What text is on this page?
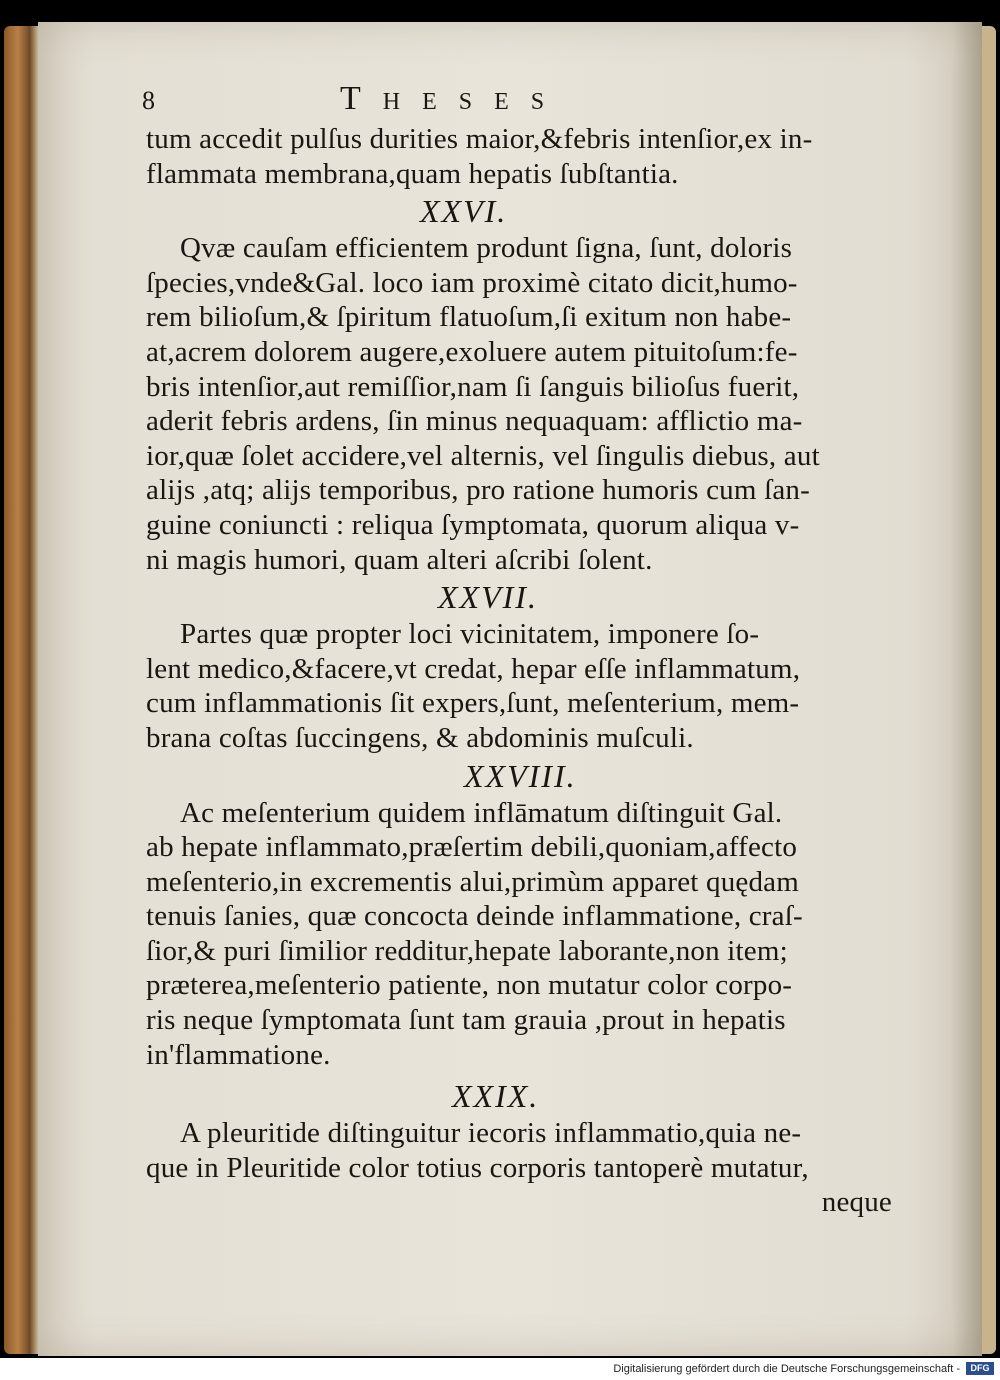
8	Theses
tum accedit pulſus durities maior,&febris intenſior,ex in-
flammata membrana,quam hepatis ſubſtantia.
XXVI.
Qvæ cauſam efficientem produnt ſigna, ſunt, doloris
ſpecies,vnde&Gal. loco iam proximè citato dicit,humo-
rem bilioſum,& ſpiritum flatuoſum,ſi exitum non habe-
at,acrem dolorem augere,exoluere autem pituitoſum:fe-
bris intenſior,aut remiſſior,nam ſi ſanguis bilioſus fuerit,
aderit febris ardens, ſin minus nequaquam: afflictio ma-
ior,quæ ſolet accidere,vel alternis, vel ſingulis diebus, aut
alijs ,atq; alijs temporibus, pro ratione humoris cum ſan-
guine coniuncti : reliqua ſymptomata, quorum aliqua v-
ni magis humori, quam alteri aſcribi ſolent.
XXVII.
Partes quæ propter loci vicinitatem, imponere ſo-
lent medico,&facere,vt credat, hepar eſſe inflammatum,
cum inflammationis ſit expers,ſunt, meſenterium, mem-
brana coſtas ſuccingens, & abdominis muſculi.
XXVIII.
Ac meſenterium quidem inflāmatum diſtinguit Gal.
ab hepate inflammato,præſertim debili,quoniam,affecto
meſenterio,in excrementis alui,primùm apparet quędam
tenuis ſanies, quæ concocta deinde inflammatione, craſ-
ſior,& puri ſimilior redditur,hepate laborante,non item;
præterea,meſenterio patiente, non mutatur color corpo-
ris neque ſymptomata ſunt tam grauia ,prout in hepatis
in'flammatione.
XXIX.
A pleuritide diſtinguitur iecoris inflammatio,quia ne-
que in Pleuritide color totius corporis tantoperè mutatur,
neque
Digitalisierung gefördert durch die Deutsche Forschungsgemeinschaft -	DFG
